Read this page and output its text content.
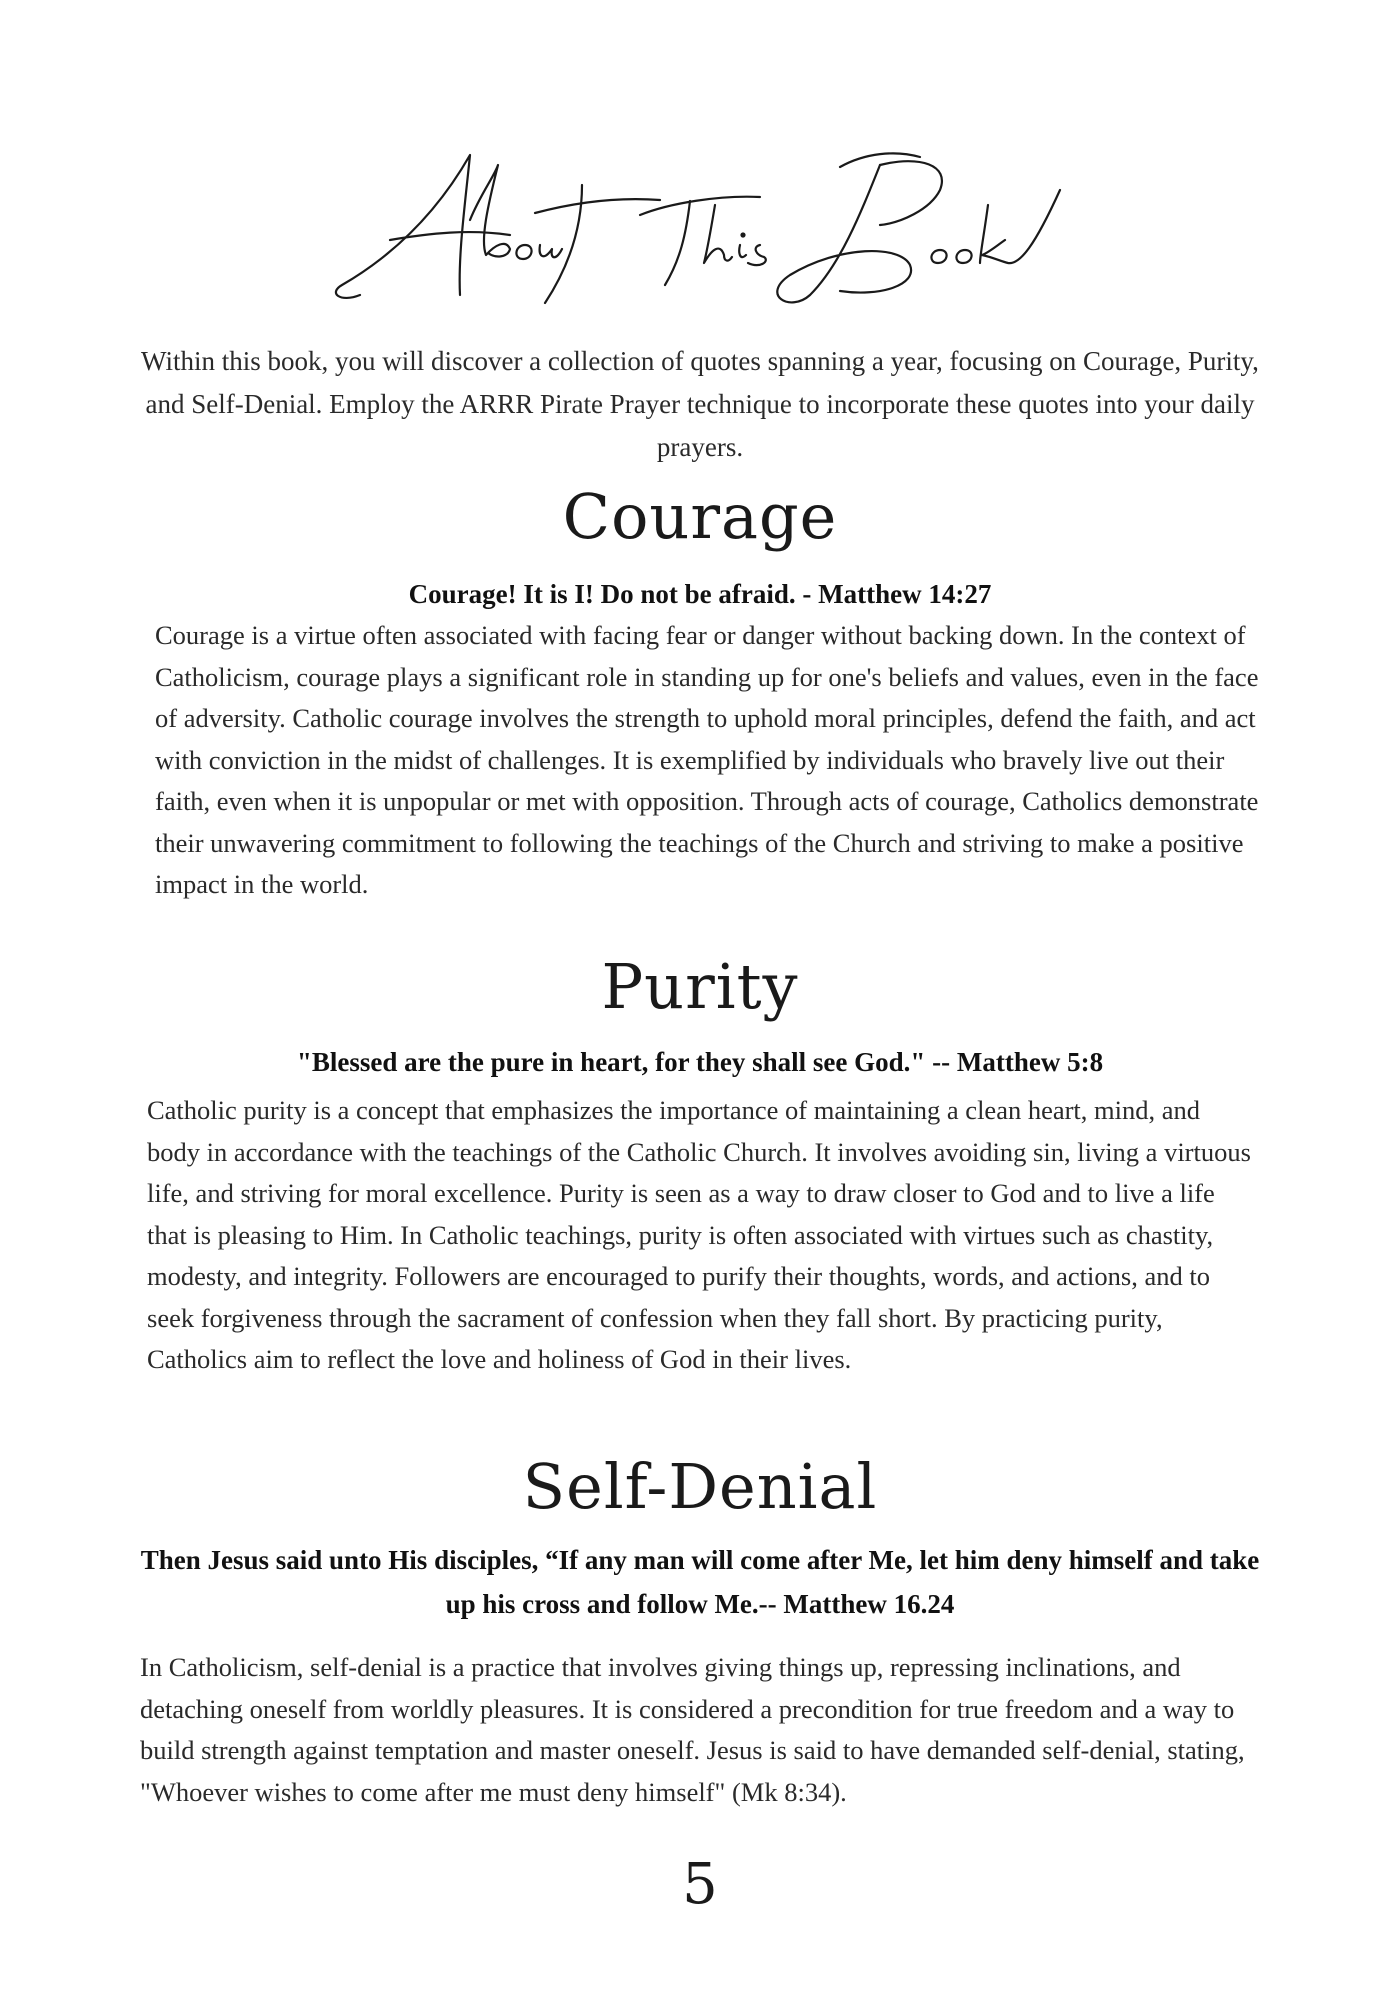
Within this book, you will discover a collection of quotes spanning a year, focusing on Courage, Purity, and Self-Denial. Employ the ARRR Pirate Prayer technique to incorporate these quotes into your daily prayers.
Courage
Courage! It is I! Do not be afraid. - Matthew 14:27
Courage is a virtue often associated with facing fear or danger without backing down. In the context of Catholicism, courage plays a significant role in standing up for one's beliefs and values, even in the face of adversity. Catholic courage involves the strength to uphold moral principles, defend the faith, and act with conviction in the midst of challenges. It is exemplified by individuals who bravely live out their faith, even when it is unpopular or met with opposition. Through acts of courage, Catholics demonstrate their unwavering commitment to following the teachings of the Church and striving to make a positive impact in the world.
Purity
"Blessed are the pure in heart, for they shall see God." -- Matthew 5:8
Catholic purity is a concept that emphasizes the importance of maintaining a clean heart, mind, and body in accordance with the teachings of the Catholic Church. It involves avoiding sin, living a virtuous life, and striving for moral excellence. Purity is seen as a way to draw closer to God and to live a life that is pleasing to Him. In Catholic teachings, purity is often associated with virtues such as chastity, modesty, and integrity. Followers are encouraged to purify their thoughts, words, and actions, and to seek forgiveness through the sacrament of confession when they fall short. By practicing purity, Catholics aim to reflect the love and holiness of God in their lives.
Self-Denial
Then Jesus said unto His disciples, “If any man will come after Me, let him deny himself and take up his cross and follow Me.-- Matthew 16.24
In Catholicism, self-denial is a practice that involves giving things up, repressing inclinations, and detaching oneself from worldly pleasures. It is considered a precondition for true freedom and a way to build strength against temptation and master oneself. Jesus is said to have demanded self-denial, stating, "Whoever wishes to come after me must deny himself" (Mk 8:34).
5
